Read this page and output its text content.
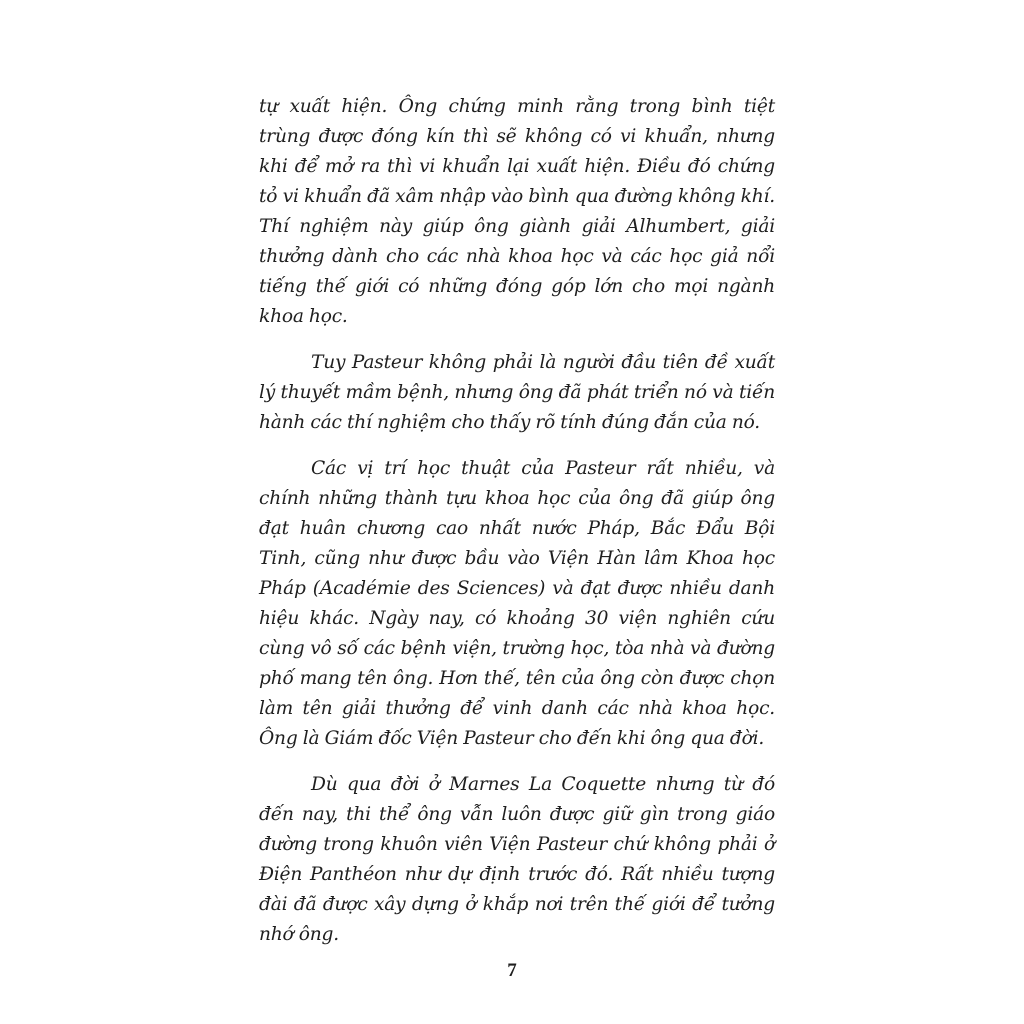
tự xuất hiện. Ông chứng minh rằng trong bình tiệt trùng được đóng kín thì sẽ không có vi khuẩn, nhưng khi để mở ra thì vi khuẩn lại xuất hiện. Điều đó chứng tỏ vi khuẩn đã xâm nhập vào bình qua đường không khí. Thí nghiệm này giúp ông giành giải Alhumbert, giải thưởng dành cho các nhà khoa học và các học giả nổi tiếng thế giới có những đóng góp lớn cho mọi ngành khoa học.

Tuy Pasteur không phải là người đầu tiên đề xuất lý thuyết mầm bệnh, nhưng ông đã phát triển nó và tiến hành các thí nghiệm cho thấy rõ tính đúng đắn của nó.

Các vị trí học thuật của Pasteur rất nhiều, và chính những thành tựu khoa học của ông đã giúp ông đạt huân chương cao nhất nước Pháp, Bắc Đẩu Bội Tinh, cũng như được bầu vào Viện Hàn lâm Khoa học Pháp (Académie des Sciences) và đạt được nhiều danh hiệu khác. Ngày nay, có khoảng 30 viện nghiên cứu cùng vô số các bệnh viện, trường học, tòa nhà và đường phố mang tên ông. Hơn thế, tên của ông còn được chọn làm tên giải thưởng để vinh danh các nhà khoa học. Ông là Giám đốc Viện Pasteur cho đến khi ông qua đời.

Dù qua đời ở Marnes La Coquette nhưng từ đó đến nay, thi thể ông vẫn luôn được giữ gìn trong giáo đường trong khuôn viên Viện Pasteur chứ không phải ở Điện Panthéon như dự định trước đó. Rất nhiều tượng đài đã được xây dựng ở khắp nơi trên thế giới để tưởng nhớ ông.

7
